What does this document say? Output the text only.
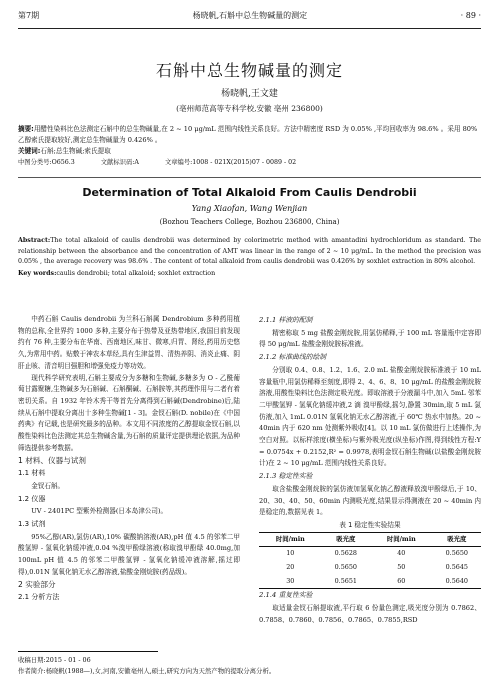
第7期	杨晓帆,石斛中总生物碱量的测定	· 89 ·
石斛中总生物碱量的测定
杨晓帆,王文建
(亳州师范高等专科学校,安徽 亳州 236800)
摘要:用醋性染料比色法测定石斛中的总生物碱量,在 2 ~ 10 μg/mL 范围内线性关系良好。方法中精密度 RSD 为 0.05% ,平均回收率为 98.6% 。采用 80% 乙醇索氏提取较好,测定总生物碱量为 0.426% 。
关键词:石斛;总生物碱;索氏提取
中图分类号:O656.3	文献标识码:A	文章编号:1008 - 021X(2015)07 - 0089 - 02
Determination of Total Alkaloid From Caulis Dendrobii
Yang Xiaofan, Wang Wenjian
(Bozhou Teachers College, Bozhou 236800, China)
Abstract:The total alkaloid of caulis dendrobii was determined by colorimetric method with amantadini hydrochloridum as standard. The relationship between the absorbance and the concentration of AMT was linear in the range of 2 ~ 10 μg/mL. In the method the precision was 0.05% , the average recovery was 98.6% . The content of total alkaloid from caulis dendrobii was 0.426% by soxhlet extraction in 80% alcohol.
Key words:caulis dendrobii; total alkaloid; soxhlet extraction

中药石斛 Caulis dendrobii 为兰科石斛属 Dendrobium 多种药用植物的总称,全世界约 1000 多种,主要分布于热带及亚热带地区,我国目前发现约有 76 种,主要分布在华南、西南地区,味甘、微寒,归胃、肾经,药用历史悠久,为常用中药。贴敷于神农本草经,具有生津益胃、清热养阴、消炎止痛、阴肝止咳、清音明目强胆和增强免疫力等功效。

现代科学研究表明,石斛主要成分为多糖和生物碱,多糖多为 O - 乙酰葡萄甘露聚糖,生物碱多为石斛碱、石斛酮碱、石斛胺等,其药理作用与二者有着密切关系。自 1932 年铃木秀干等首先分离得到石斛碱(Dendrobine)后,陆续从石斛中提取分离出十多种生物碱[1 - 3]。金钗石斛(D. nobile)在《中国药典》有记载,也是研究最多的品种。本文用不同浓度的乙醇提取金钗石斛,以酸性染料比色法测定其总生物碱含量,为石斛的质量评定提供理论依据,为品种筛选提供参考数据。

1 材料、仪器与试剂
1.1 材料

金钗石斛。

1.2 仪器

UV - 2401PC 型紫外检测器(日本岛津公司)。

1.3 试剂

95%乙醇(AR),氯仿(AR),10% 碳酸钠溶液(AR),pH 值 4.5 的邻苯二甲酸氢钾 - 氢氧化钠缓冲液,0.04 %溴甲酚绿溶液(称取溴甲酚绿 40.0mg,加 100mL pH 值 4.5 的邻苯二甲酸氢钾 - 氢氧化钠缓冲液溶解,摇过即得),0.01N 氢氧化钠无水乙醇溶液,盐酸金刚烷胺(药品级)。

2 实验部分
2.1 分析方法
2.1.1 样液的配制

精密称取 5 mg 盐酸金刚烷胺,用氯仿稀释,于 100 mL 容量瓶中定容即得 50 μg/mL 盐酸金刚烷胺标准液。

2.1.2 标准曲线的绘制

分别取 0.4、0.8、1.2、1.6、2.0 mL 盐酸金刚烷胺标准液于 10 mL 容量瓶中,用氯仿稀释至刻度,即得 2、4、6、8、10 μg/mL 的盐酸金刚烷胺溶液,用酸性染料比色法测定吸光度。即取溶液于分液漏斗中,加入 5mL 邻苯二甲酸氢钾 - 氢氧化钠缓冲液,2 滴 溴甲酚绿,摇匀,静置 30min,取 5 mL 氯仿液,加入 1mL 0.01N 氢氧化钠无水乙醇溶液,于 60℃ 热水中加热。20 ~ 40min 内于 620 nm 处测紫外吸收[4]。以 10 mL 氯仿做进行上述操作,为空白对照。以标样浓度(横坐标)与紫外吸光度(纵坐标)作图,得到线性方程:Y = 0.0754x + 0.2152,R² = 0.9978,表明金钗石斛生物碱(以盐酸金刚烷胺计)在 2 ~ 10 μg/mL 范围内线性关系良好。

2.1.3 稳定性实验

取含盐酸金刚烷胺的氯仿液加氢氧化钠乙醇液释放溴甲酚绿后,于 10、20、30、40、50、60min 内测吸光度,结果显示得测液在 20 ~ 40min 内是稳定的,数据见表 1。

表 1 稳定性实验结果
时间/min	吸光度	时间/min	吸光度
10	0.5628	40	0.5650
20	0.5650	50	0.5645
30	0.5651	60	0.5640
2.1.4 重复性实验

取适量金钗石斛提取液,平行取 6 份量色测定,吸光度分别为 0.7862、0.7858、0.7860、0.7856、0.7865、0.7855,RSD

收稿日期:2015 - 01 - 06
作者简介:杨晓帆(1988—),女,河南,安徽亳州人,硕士,研究方向为天然产物的提取分离分析。
